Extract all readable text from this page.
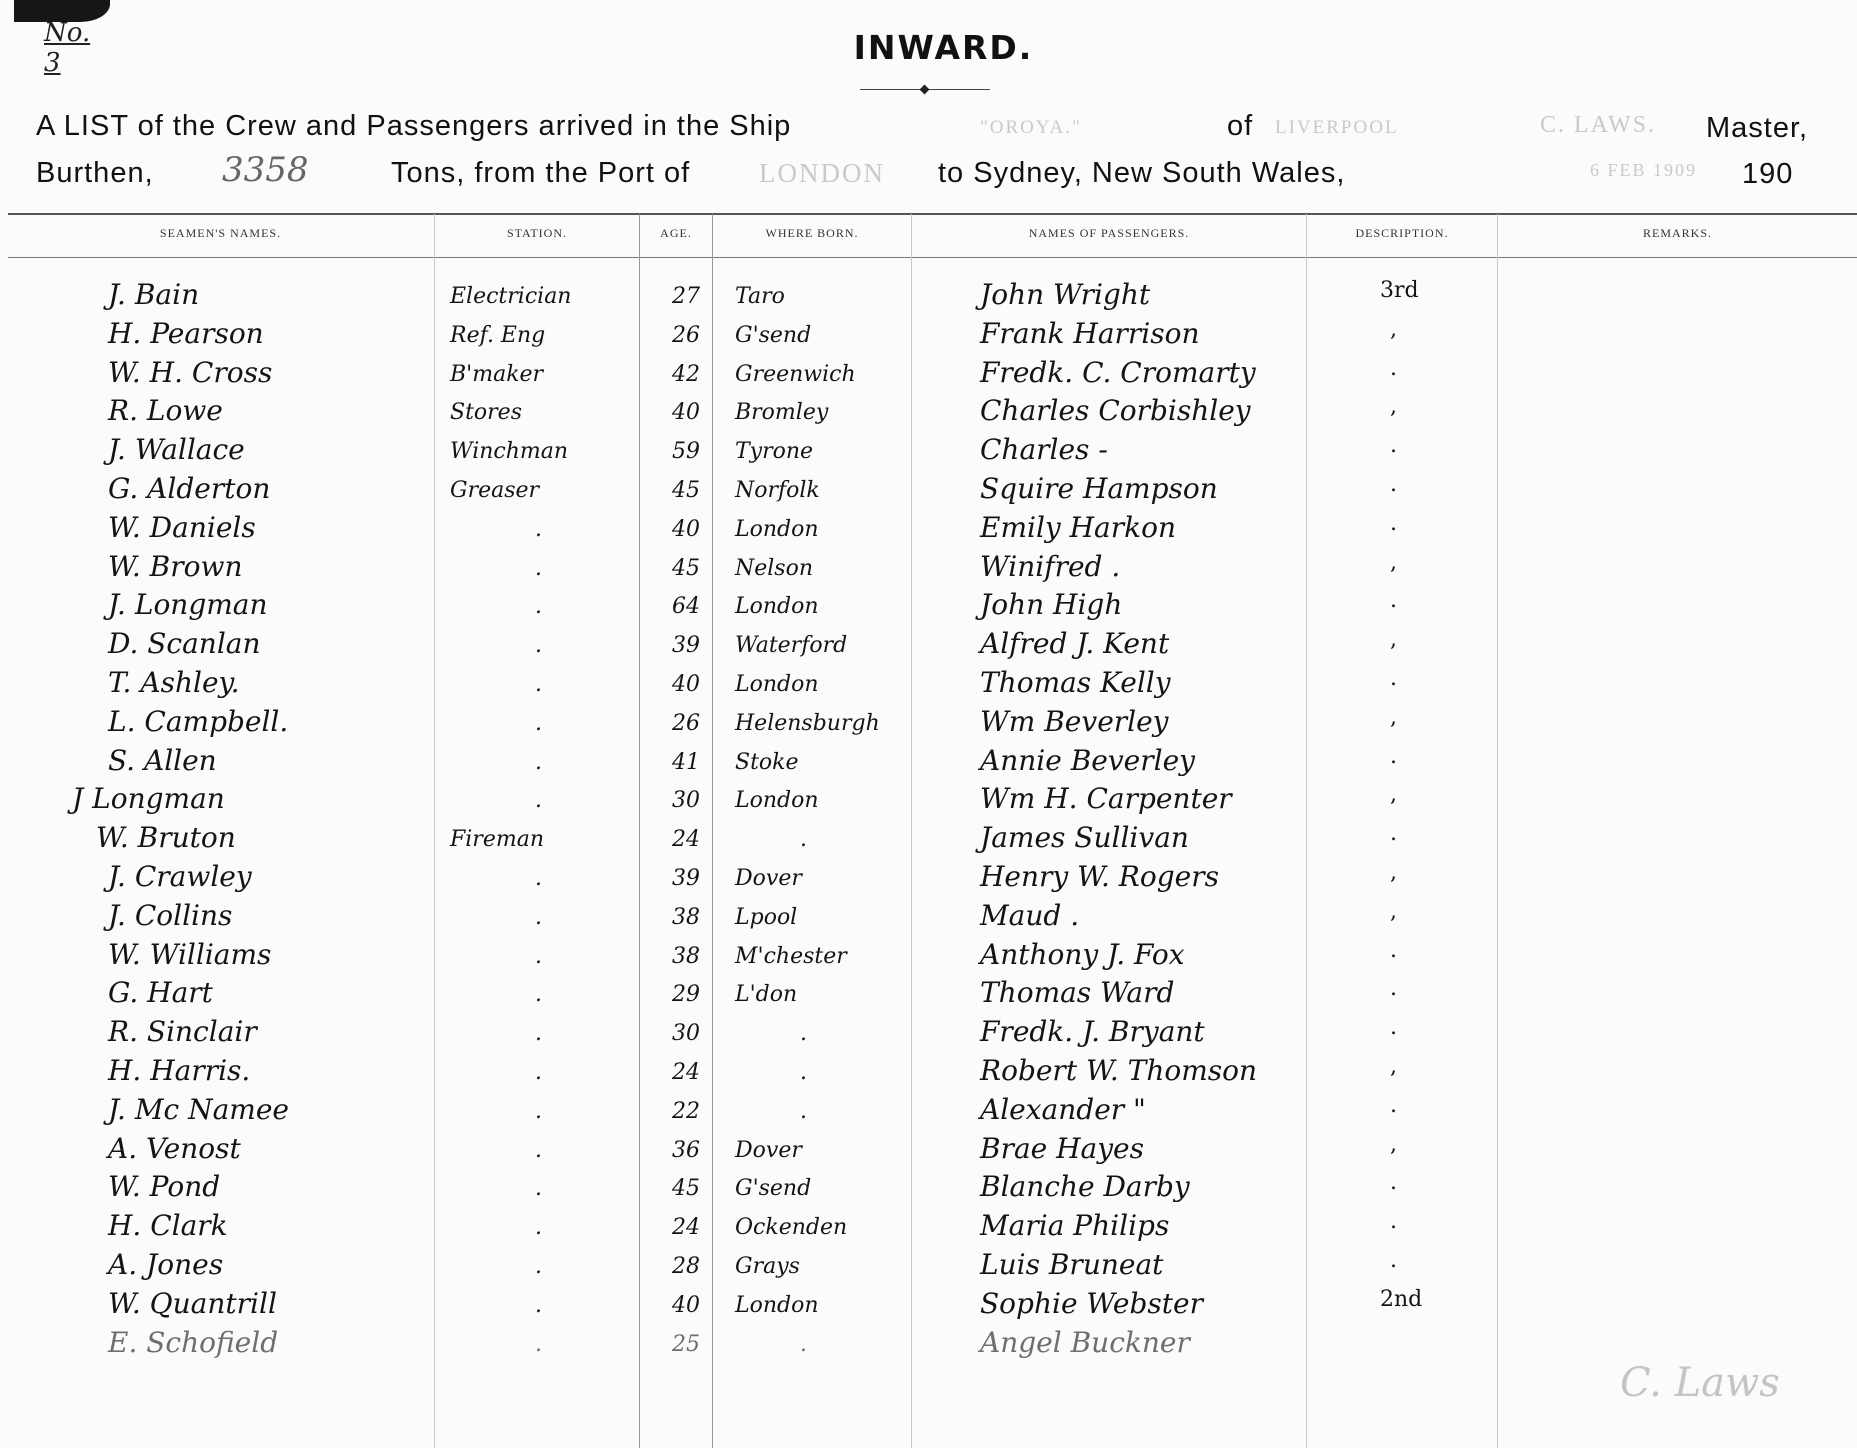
No. 3	INWARD.
A LIST of the Crew and Passengers arrived in the Ship	"OROYA."	of LIVERPOOL	C. LAWS. Master,
Burthen, 3358	Tons, from the Port of	LONDON to Sydney, New South Wales,	6 FEB 1909 190
SEAMEN'S NAMES.	STATION.	AGE.	WHERE BORN.	NAMES OF PASSENGERS.	DESCRIPTION.	REMARKS.
J. Bain	Electrician	27 Taro	John Wright	3rd
H. Pearson	Ref. Eng	26 G'send	Frank Harrison	,
W. H. Cross	B'maker	42 Greenwich	Fredk. C. Cromarty	.
R. Lowe	Stores	40 Bromley	Charles Corbishley	,
J. Wallace	Winchman	59 Tyrone	Charles -	.
G. Alderton	Greaser	45 Norfolk	Squire Hampson	.
W. Daniels	.	40 London	Emily Harkon	.
W. Brown	.	45 Nelson	Winifred .	,
J. Longman	.	64 London	John High	.
D. Scanlan	.	39 Waterford	Alfred J. Kent	,
T. Ashley.	.	40 London	Thomas Kelly	.
L. Campbell.	.	26 Helensburgh	Wm Beverley	,
S. Allen	.	41 Stoke	Annie Beverley	.
J Longman	.	30 London	Wm H. Carpenter	,
W. Bruton	Fireman	24	.	James Sullivan	.
J. Crawley	.	39 Dover	Henry W. Rogers	,
J. Collins	.	38 Lpool	Maud .	,
W. Williams	.	38 M'chester	Anthony J. Fox	.
G. Hart	.	29 L'don	Thomas Ward	.
R. Sinclair	.	30	.	Fredk. J. Bryant	.
H. Harris.	.	24	.	Robert W. Thomson	,
J. Mc Namee	.	22	.	Alexander "	.
A. Venost	.	36 Dover	Brae Hayes	,
W. Pond	.	45 G'send	Blanche Darby	.
H. Clark	.	24 Ockenden	Maria Philips	.
A. Jones	.	28 Grays	Luis Bruneat	.
W. Quantrill	.	40 London	Sophie Webster	2nd
E. Schofield	.	25	.	Angel Buckner
C. Laws
